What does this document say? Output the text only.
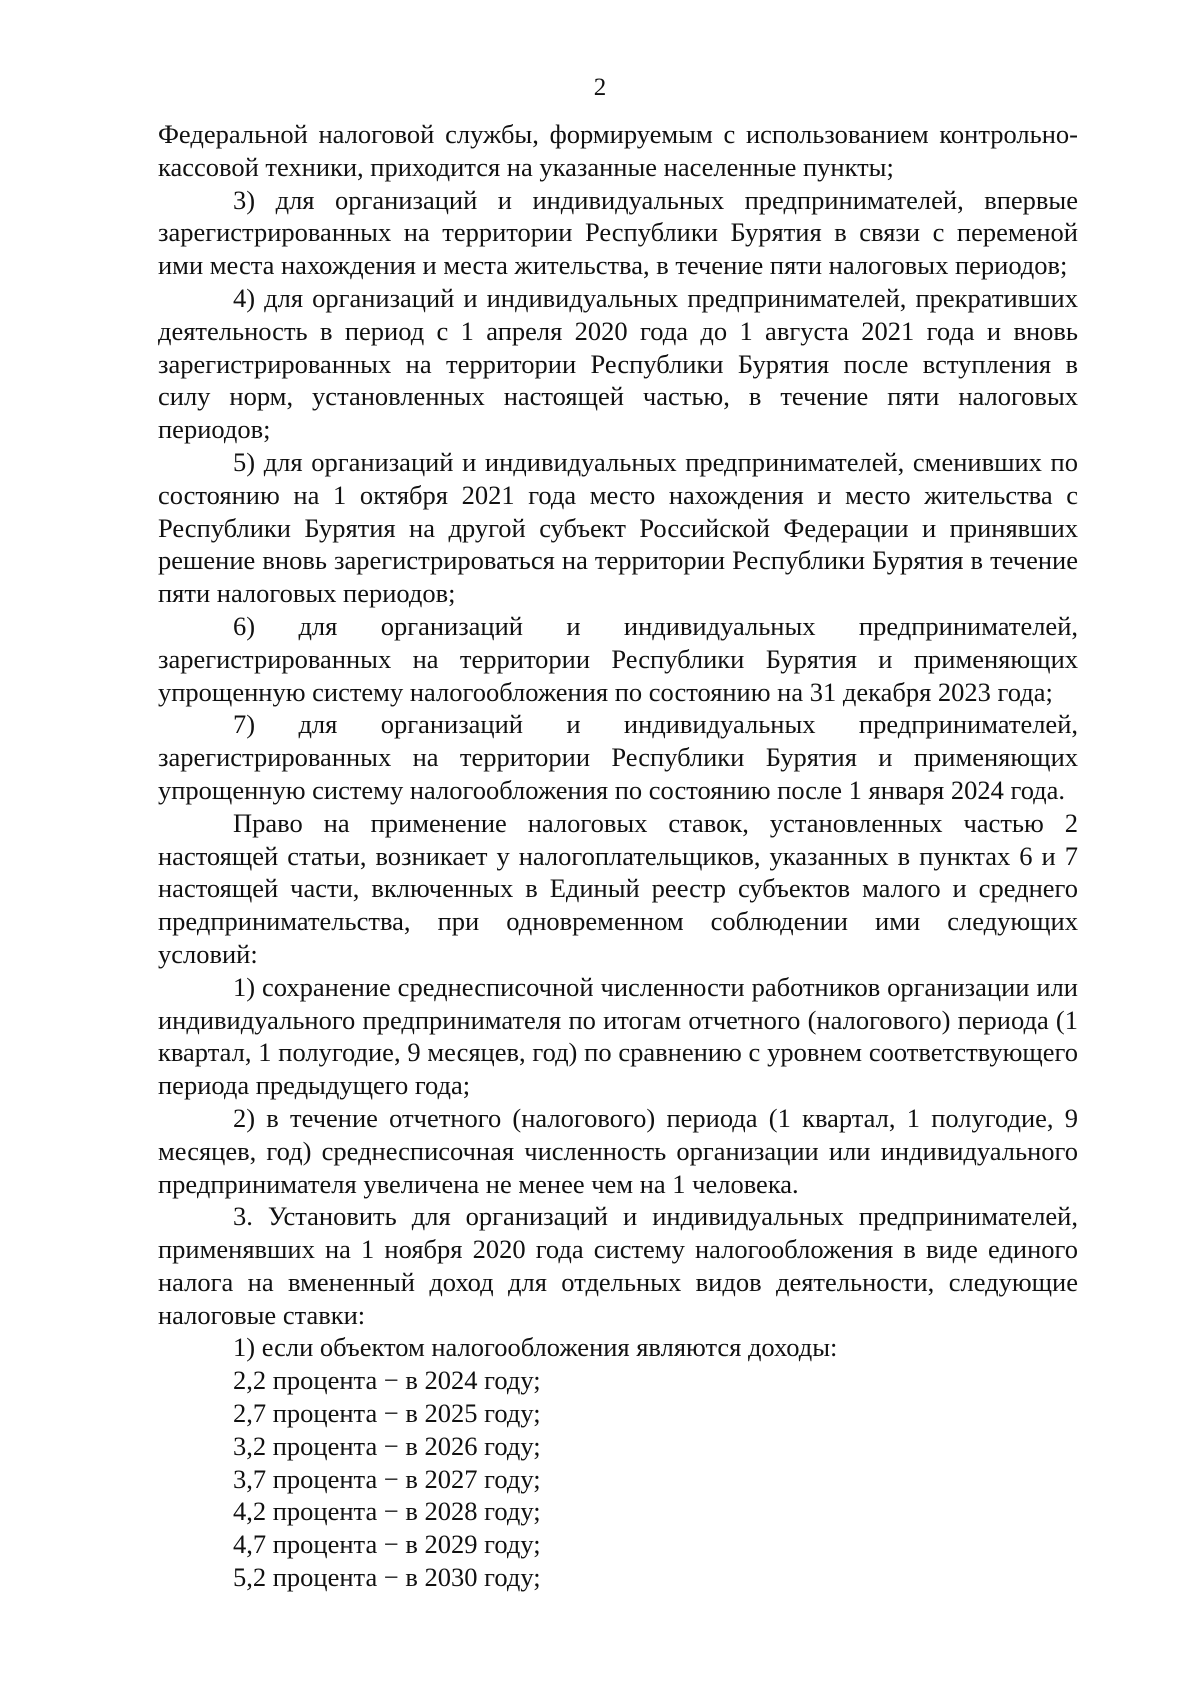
2

Федеральной налоговой службы, формируемым с использованием контрольно-кассовой техники, приходится на указанные населенные пункты;

3) для организаций и индивидуальных предпринимателей, впервые зарегистрированных на территории Республики Бурятия в связи с переменой ими места нахождения и места жительства, в течение пяти налоговых периодов;

4) для организаций и индивидуальных предпринимателей, прекративших деятельность в период с 1 апреля 2020 года до 1 августа 2021 года и вновь зарегистрированных на территории Республики Бурятия после вступления в силу норм, установленных настоящей частью, в течение пяти налоговых периодов;

5) для организаций и индивидуальных предпринимателей, сменивших по состоянию на 1 октября 2021 года место нахождения и место жительства с Республики Бурятия на другой субъект Российской Федерации и принявших решение вновь зарегистрироваться на территории Республики Бурятия в течение пяти налоговых периодов;

6) для организаций и индивидуальных предпринимателей, зарегистрированных на территории Республики Бурятия и применяющих упрощенную систему налогообложения по состоянию на 31 декабря 2023 года;

7) для организаций и индивидуальных предпринимателей, зарегистрированных на территории Республики Бурятия и применяющих упрощенную систему налогообложения по состоянию после 1 января 2024 года.

Право на применение налоговых ставок, установленных частью 2 настоящей статьи, возникает у налогоплательщиков, указанных в пунктах 6 и 7 настоящей части, включенных в Единый реестр субъектов малого и среднего предпринимательства, при одновременном соблюдении ими следующих условий:

1) сохранение среднесписочной численности работников организации или индивидуального предпринимателя по итогам отчетного (налогового) периода (1 квартал, 1 полугодие, 9 месяцев, год) по сравнению с уровнем соответствующего периода предыдущего года;

2) в течение отчетного (налогового) периода (1 квартал, 1 полугодие, 9 месяцев, год) среднесписочная численность организации или индивидуального предпринимателя увеличена не менее чем на 1 человека.

3. Установить для организаций и индивидуальных предпринимателей, применявших на 1 ноября 2020 года систему налогообложения в виде единого налога на вмененный доход для отдельных видов деятельности, следующие налоговые ставки:

1) если объектом налогообложения являются доходы:

2,2 процента − в 2024 году;

2,7 процента − в 2025 году;

3,2 процента − в 2026 году;

3,7 процента − в 2027 году;

4,2 процента − в 2028 году;

4,7 процента − в 2029 году;

5,2 процента − в 2030 году;
